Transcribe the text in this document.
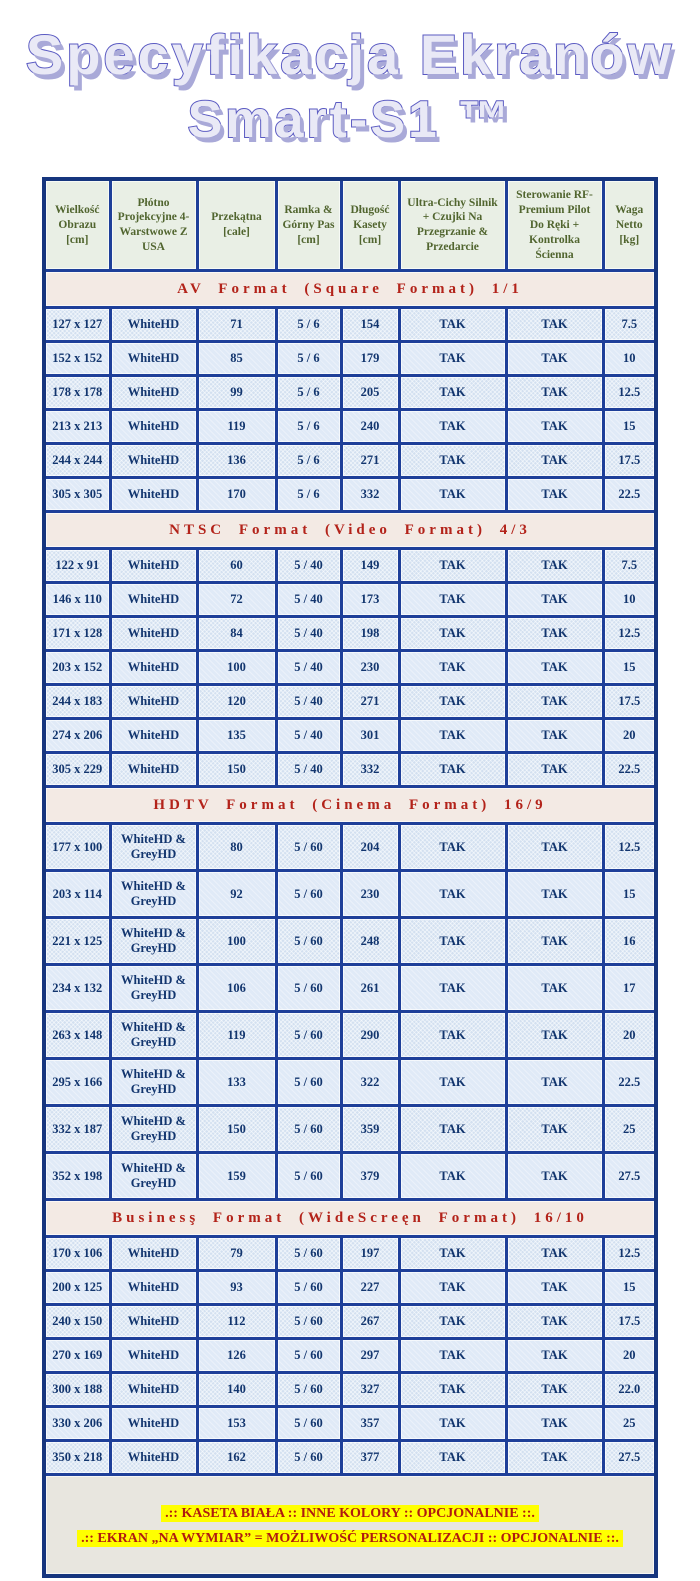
Specyfikacja Ekranów
Smart-S1 ™
Wielkość Obrazu [cm]	Płótno Projekcyjne 4-Warstwowe Z USA	Przekątna [cale]	Ramka & Górny Pas [cm]	Długość Kasety [cm]	Ultra-Cichy Silnik + Czujki Na Przegrzanie & Przedarcie	Sterowanie RF-Premium Pilot Do Ręki + Kontrolka Ścienna	Waga Netto [kg]
AV Format (Square Format) 1/1							
127 x 127	WhiteHD	71	5 / 6	154	TAK	TAK	7.5
152 x 152	WhiteHD	85	5 / 6	179	TAK	TAK	10
178 x 178	WhiteHD	99	5 / 6	205	TAK	TAK	12.5
213 x 213	WhiteHD	119	5 / 6	240	TAK	TAK	15
244 x 244	WhiteHD	136	5 / 6	271	TAK	TAK	17.5
305 x 305	WhiteHD	170	5 / 6	332	TAK	TAK	22.5
NTSC Format (Video Format) 4/3							
122 x 91	WhiteHD	60	5 / 40	149	TAK	TAK	7.5
146 x 110	WhiteHD	72	5 / 40	173	TAK	TAK	10
171 x 128	WhiteHD	84	5 / 40	198	TAK	TAK	12.5
203 x 152	WhiteHD	100	5 / 40	230	TAK	TAK	15
244 x 183	WhiteHD	120	5 / 40	271	TAK	TAK	17.5
274 x 206	WhiteHD	135	5 / 40	301	TAK	TAK	20
305 x 229	WhiteHD	150	5 / 40	332	TAK	TAK	22.5
HDTV Format (Cinema Format) 16/9							
177 x 100	WhiteHD & GreyHD	80	5 / 60	204	TAK	TAK	12.5
203 x 114	WhiteHD & GreyHD	92	5 / 60	230	TAK	TAK	15
221 x 125	WhiteHD & GreyHD	100	5 / 60	248	TAK	TAK	16
234 x 132	WhiteHD & GreyHD	106	5 / 60	261	TAK	TAK	17
263 x 148	WhiteHD & GreyHD	119	5 / 60	290	TAK	TAK	20
295 x 166	WhiteHD & GreyHD	133	5 / 60	322	TAK	TAK	22.5
332 x 187	WhiteHD & GreyHD	150	5 / 60	359	TAK	TAK	25
352 x 198	WhiteHD & GreyHD	159	5 / 60	379	TAK	TAK	27.5
Businesş Format (WideScreęn Format) 16/10							
170 x 106	WhiteHD	79	5 / 60	197	TAK	TAK	12.5
200 x 125	WhiteHD	93	5 / 60	227	TAK	TAK	15
240 x 150	WhiteHD	112	5 / 60	267	TAK	TAK	17.5
270 x 169	WhiteHD	126	5 / 60	297	TAK	TAK	20
300 x 188	WhiteHD	140	5 / 60	327	TAK	TAK	22.0
330 x 206	WhiteHD	153	5 / 60	357	TAK	TAK	25
350 x 218	WhiteHD	162	5 / 60	377	TAK	TAK	27.5

.:: KASETA BIAŁA :: INNE KOLORY :: OPCJONALNIE ::.
.:: EKRAN „NA WYMIAR” = MOŻLIWOŚĆ PERSONALIZACJI :: OPCJONALNIE ::.							
